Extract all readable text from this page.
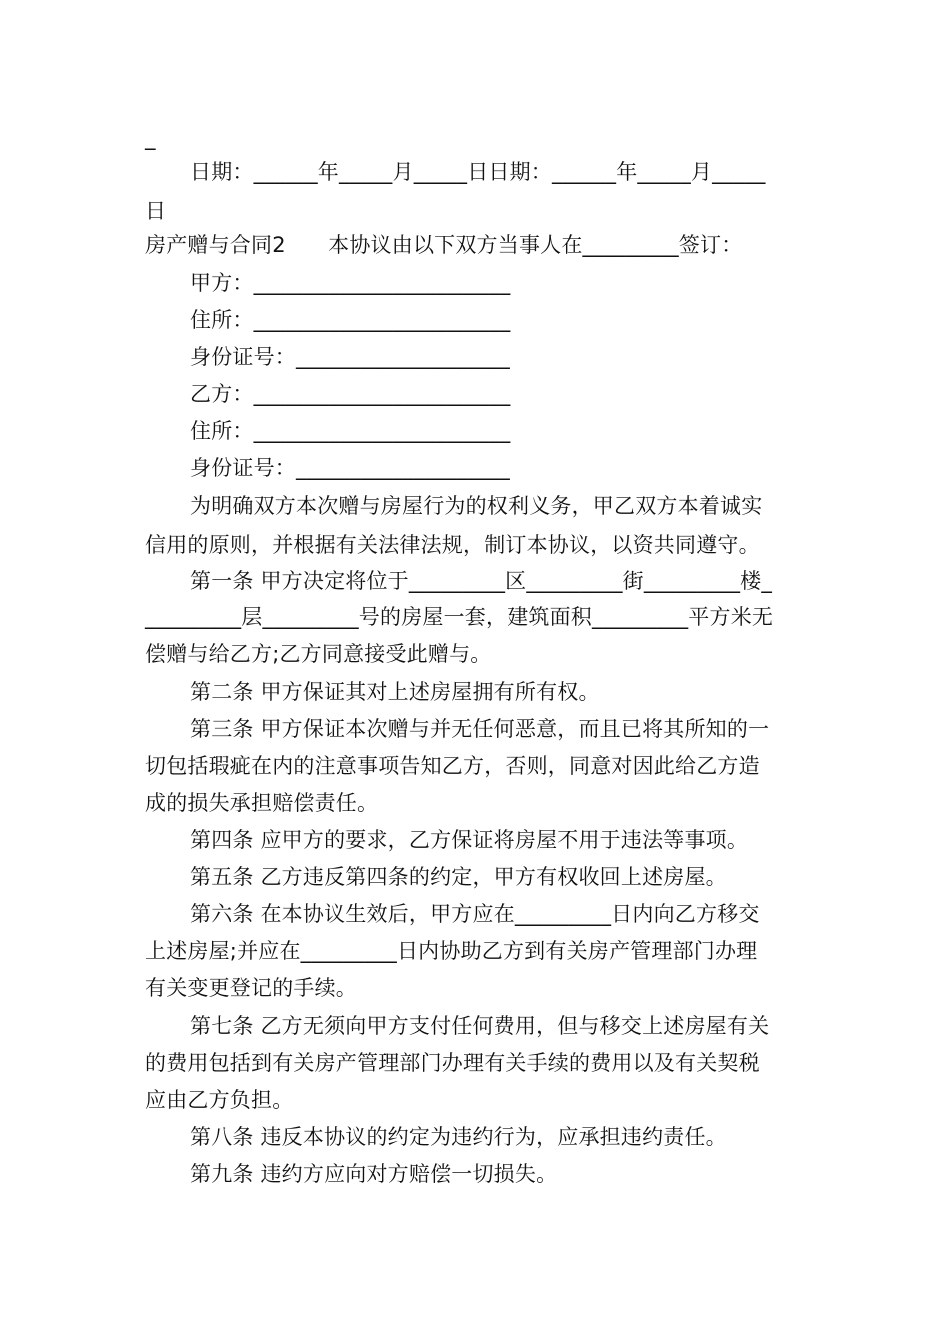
_
日期：______年_____月_____日日期：______年_____月_____
日
房产赠与合同2　　本协议由以下双方当事人在_________签订：
甲方：________________________
住所：________________________
身份证号：____________________
乙方：________________________
住所：________________________
身份证号：____________________
为明确双方本次赠与房屋行为的权利义务，甲乙双方本着诚实
信用的原则，并根据有关法律法规，制订本协议，以资共同遵守。
第一条 甲方决定将位于_________区_________街_________楼_
_________层_________号的房屋一套，建筑面积_________平方米无
偿赠与给乙方;乙方同意接受此赠与。
第二条 甲方保证其对上述房屋拥有所有权。
第三条 甲方保证本次赠与并无任何恶意，而且已将其所知的一
切包括瑕疵在内的注意事项告知乙方，否则，同意对因此给乙方造
成的损失承担赔偿责任。
第四条 应甲方的要求，乙方保证将房屋不用于违法等事项。
第五条 乙方违反第四条的约定，甲方有权收回上述房屋。
第六条 在本协议生效后，甲方应在_________日内向乙方移交
上述房屋;并应在_________日内协助乙方到有关房产管理部门办理
有关变更登记的手续。
第七条 乙方无须向甲方支付任何费用，但与移交上述房屋有关
的费用包括到有关房产管理部门办理有关手续的费用以及有关契税
应由乙方负担。
第八条 违反本协议的约定为违约行为，应承担违约责任。
第九条 违约方应向对方赔偿一切损失。
